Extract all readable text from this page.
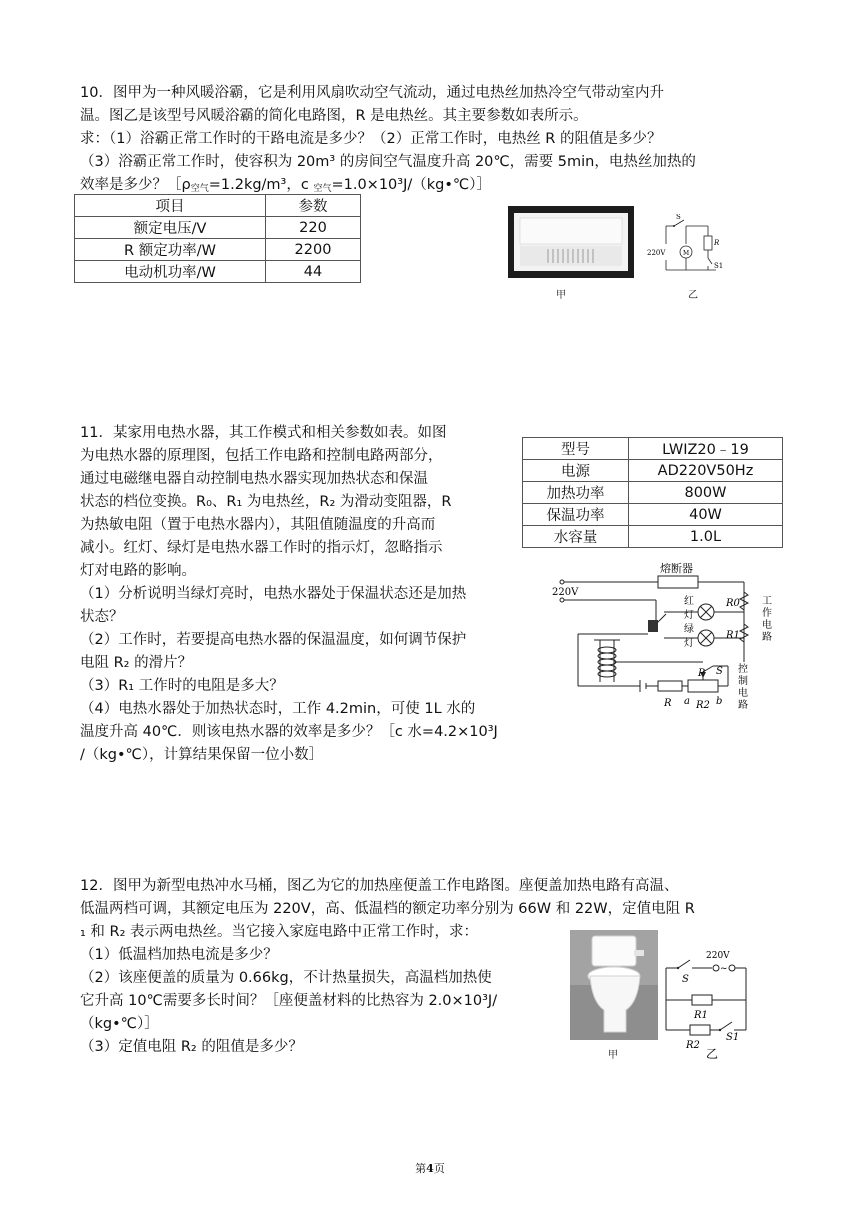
10．图甲为一种风暖浴霸，它是利用风扇吹动空气流动，通过电热丝加热冷空气带动室内升
温。图乙是该型号风暖浴霸的简化电路图，R 是电热丝。其主要参数如表所示。
求：（1）浴霸正常工作时的干路电流是多少？（2）正常工作时，电热丝 R 的阻值是多少？
（3）浴霸正常工作时，使容积为 20m³ 的房间空气温度升高 20℃，需要 5min，电热丝加热的
效率是多少？$[\rho_{空气}=1.2kg/m^3$，c $_{空气}$=1.0×10³J/（kg•℃）］
项目	参数
额定电压/V	220
R 额定功率/W	2200
电动机功率/W	44
甲
220V
S
M
R
S1
乙
11．某家用电热水器，其工作模式和相关参数如表。如图
为电热水器的原理图，包括工作电路和控制电路两部分，
通过电磁继电器自动控制电热水器实现加热状态和保温
状态的档位变换。R₀、R₁ 为电热丝，R₂ 为滑动变阻器，R
为热敏电阻（置于电热水器内），其阻值随温度的升高而
减小。红灯、绿灯是电热水器工作时的指示灯，忽略指示
灯对电路的影响。
（1）分析说明当绿灯亮时，电热水器处于保温状态还是加热
状态？
（2）工作时，若要提高电热水器的保温温度，如何调节保护
电阻 R₂ 的滑片？
（3）R₁ 工作时的电阻是多大？
（4）电热水器处于加热状态时，工作 4.2min，可使 1L 水的
温度升高 40℃．则该电热水器的效率是多少？［c 水=4.2×10³J
/（kg•℃），计算结果保留一位小数］
型号	LWIZ20﹣19
电源	AD220V50Hz
加热功率	800W
保温功率	40W
水容量	1.0L
熔断器
220V
红
灯
绿
灯
R0
R1
工
作
电
路
控
制
电
路
P S
R a R2 b
12．图甲为新型电热冲水马桶，图乙为它的加热座便盖工作电路图。座便盖加热电路有高温、
低温两档可调，其额定电压为 220V，高、低温档的额定功率分别为 66W 和 22W，定值电阻 R
₁ 和 R₂ 表示两电热丝。当它接入家庭电路中正常工作时，求：
（1）低温档加热电流是多少？
（2）该座便盖的质量为 0.66kg，不计热量损失，高温档加热使
它升高 10℃需要多长时间？［座便盖材料的比热容为 2.0×10³J/
（kg•℃）］
（3）定值电阻 R₂ 的阻值是多少？
甲
220V
~
S
R1
R2
S1
乙
第4页
